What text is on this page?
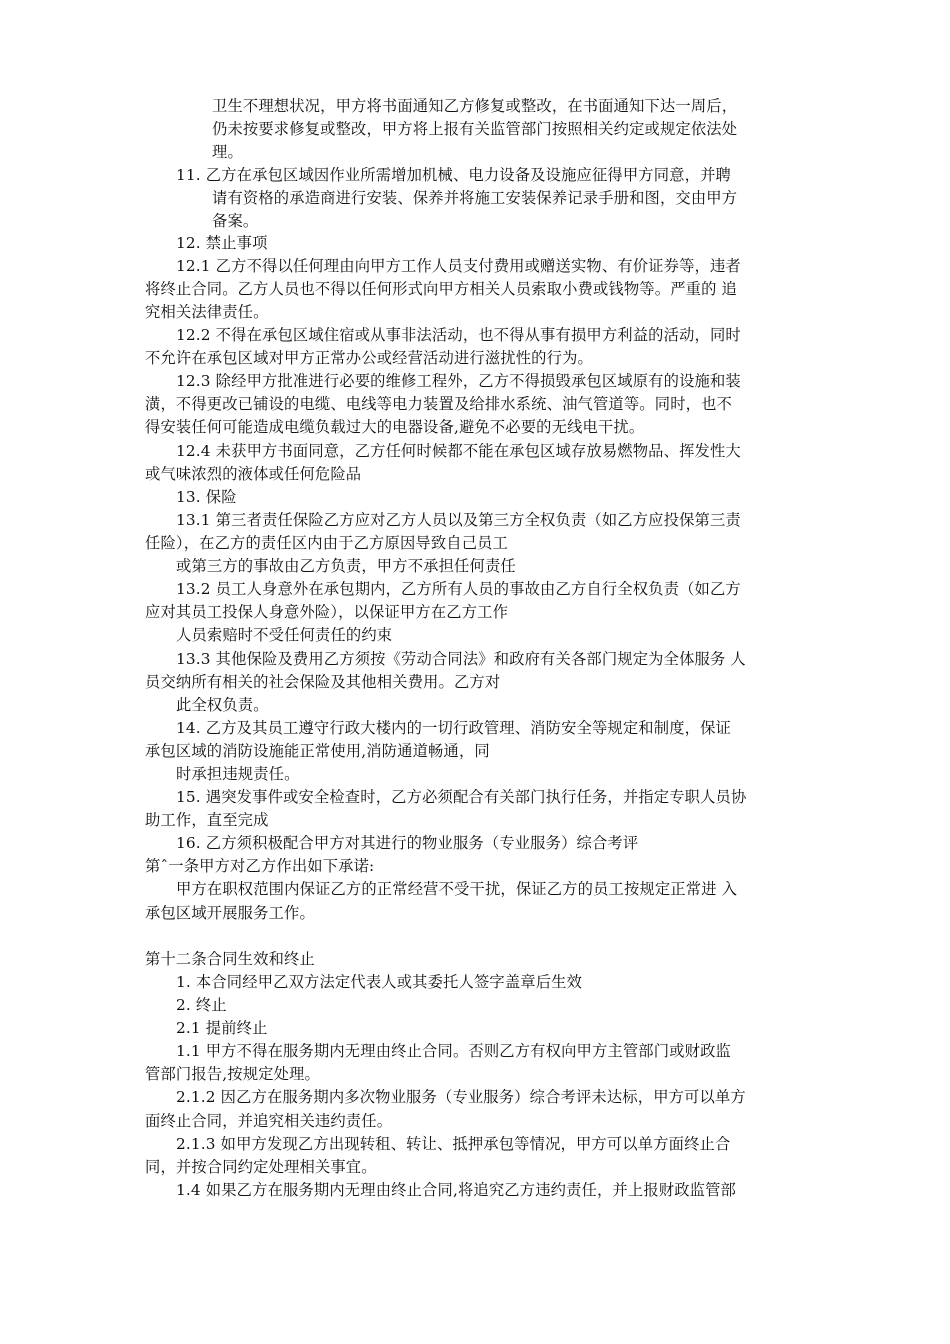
卫生不理想状况，甲方将书面通知乙方修复或整改，在书面通知下达一周后，
仍未按要求修复或整改，甲方将上报有关监管部门按照相关约定或规定依法处
理。
11. 乙方在承包区域因作业所需增加机械、电力设备及设施应征得甲方同意，并聘
请有资格的承造商进行安装、保养并将施工安装保养记录手册和图，交由甲方
备案。
12. 禁止事项
12.1 乙方不得以任何理由向甲方工作人员支付费用或赠送实物、有价证券等，违者
将终止合同。乙方人员也不得以任何形式向甲方相关人员索取小费或钱物等。严重的 追
究相关法律责任。
12.2 不得在承包区域住宿或从事非法活动，也不得从事有损甲方利益的活动，同时
不允许在承包区域对甲方正常办公或经营活动进行滋扰性的行为。
12.3 除经甲方批准进行必要的维修工程外，乙方不得损毁承包区域原有的设施和装
潢，不得更改已铺设的电缆、电线等电力装置及给排水系统、油气管道等。同时，也不
得安装任何可能造成电缆负载过大的电器设备,避免不必要的无线电干扰。
12.4 未获甲方书面同意，乙方任何时候都不能在承包区域存放易燃物品、挥发性大
或气味浓烈的液体或任何危险品
13. 保险
13.1 第三者责任保险乙方应对乙方人员以及第三方全权负责（如乙方应投保第三责
任险），在乙方的责任区内由于乙方原因导致自己员工
或第三方的事故由乙方负责，甲方不承担任何责任
13.2 员工人身意外在承包期内，乙方所有人员的事故由乙方自行全权负责（如乙方
应对其员工投保人身意外险），以保证甲方在乙方工作
人员索赔时不受任何责任的约束
13.3 其他保险及费用乙方须按《劳动合同法》和政府有关各部门规定为全体服务 人
员交纳所有相关的社会保险及其他相关费用。乙方对
此全权负责。
14. 乙方及其员工遵守行政大楼内的一切行政管理、消防安全等规定和制度，保证
承包区域的消防设施能正常使用,消防通道畅通，同
时承担违规责任。
15. 遇突发事件或安全检查时，乙方必须配合有关部门执行任务，并指定专职人员协
助工作，直至完成
16. 乙方须积极配合甲方对其进行的物业服务（专业服务）综合考评
第ˆ一条甲方对乙方作出如下承诺:
甲方在职权范围内保证乙方的正常经营不受干扰，保证乙方的员工按规定正常进 入
承包区域开展服务工作。
第十二条合同生效和终止
1. 本合同经甲乙双方法定代表人或其委托人签字盖章后生效
2. 终止
2.1 提前终止
1.1 甲方不得在服务期内无理由终止合同。否则乙方有权向甲方主管部门或财政监
管部门报告,按规定处理。
2.1.2 因乙方在服务期内多次物业服务（专业服务）综合考评未达标，甲方可以单方
面终止合同，并追究相关违约责任。
2.1.3 如甲方发现乙方出现转租、转让、抵押承包等情况，甲方可以单方面终止合
同，并按合同约定处理相关事宜。
1.4 如果乙方在服务期内无理由终止合同,将追究乙方违约责任，并上报财政监管部
